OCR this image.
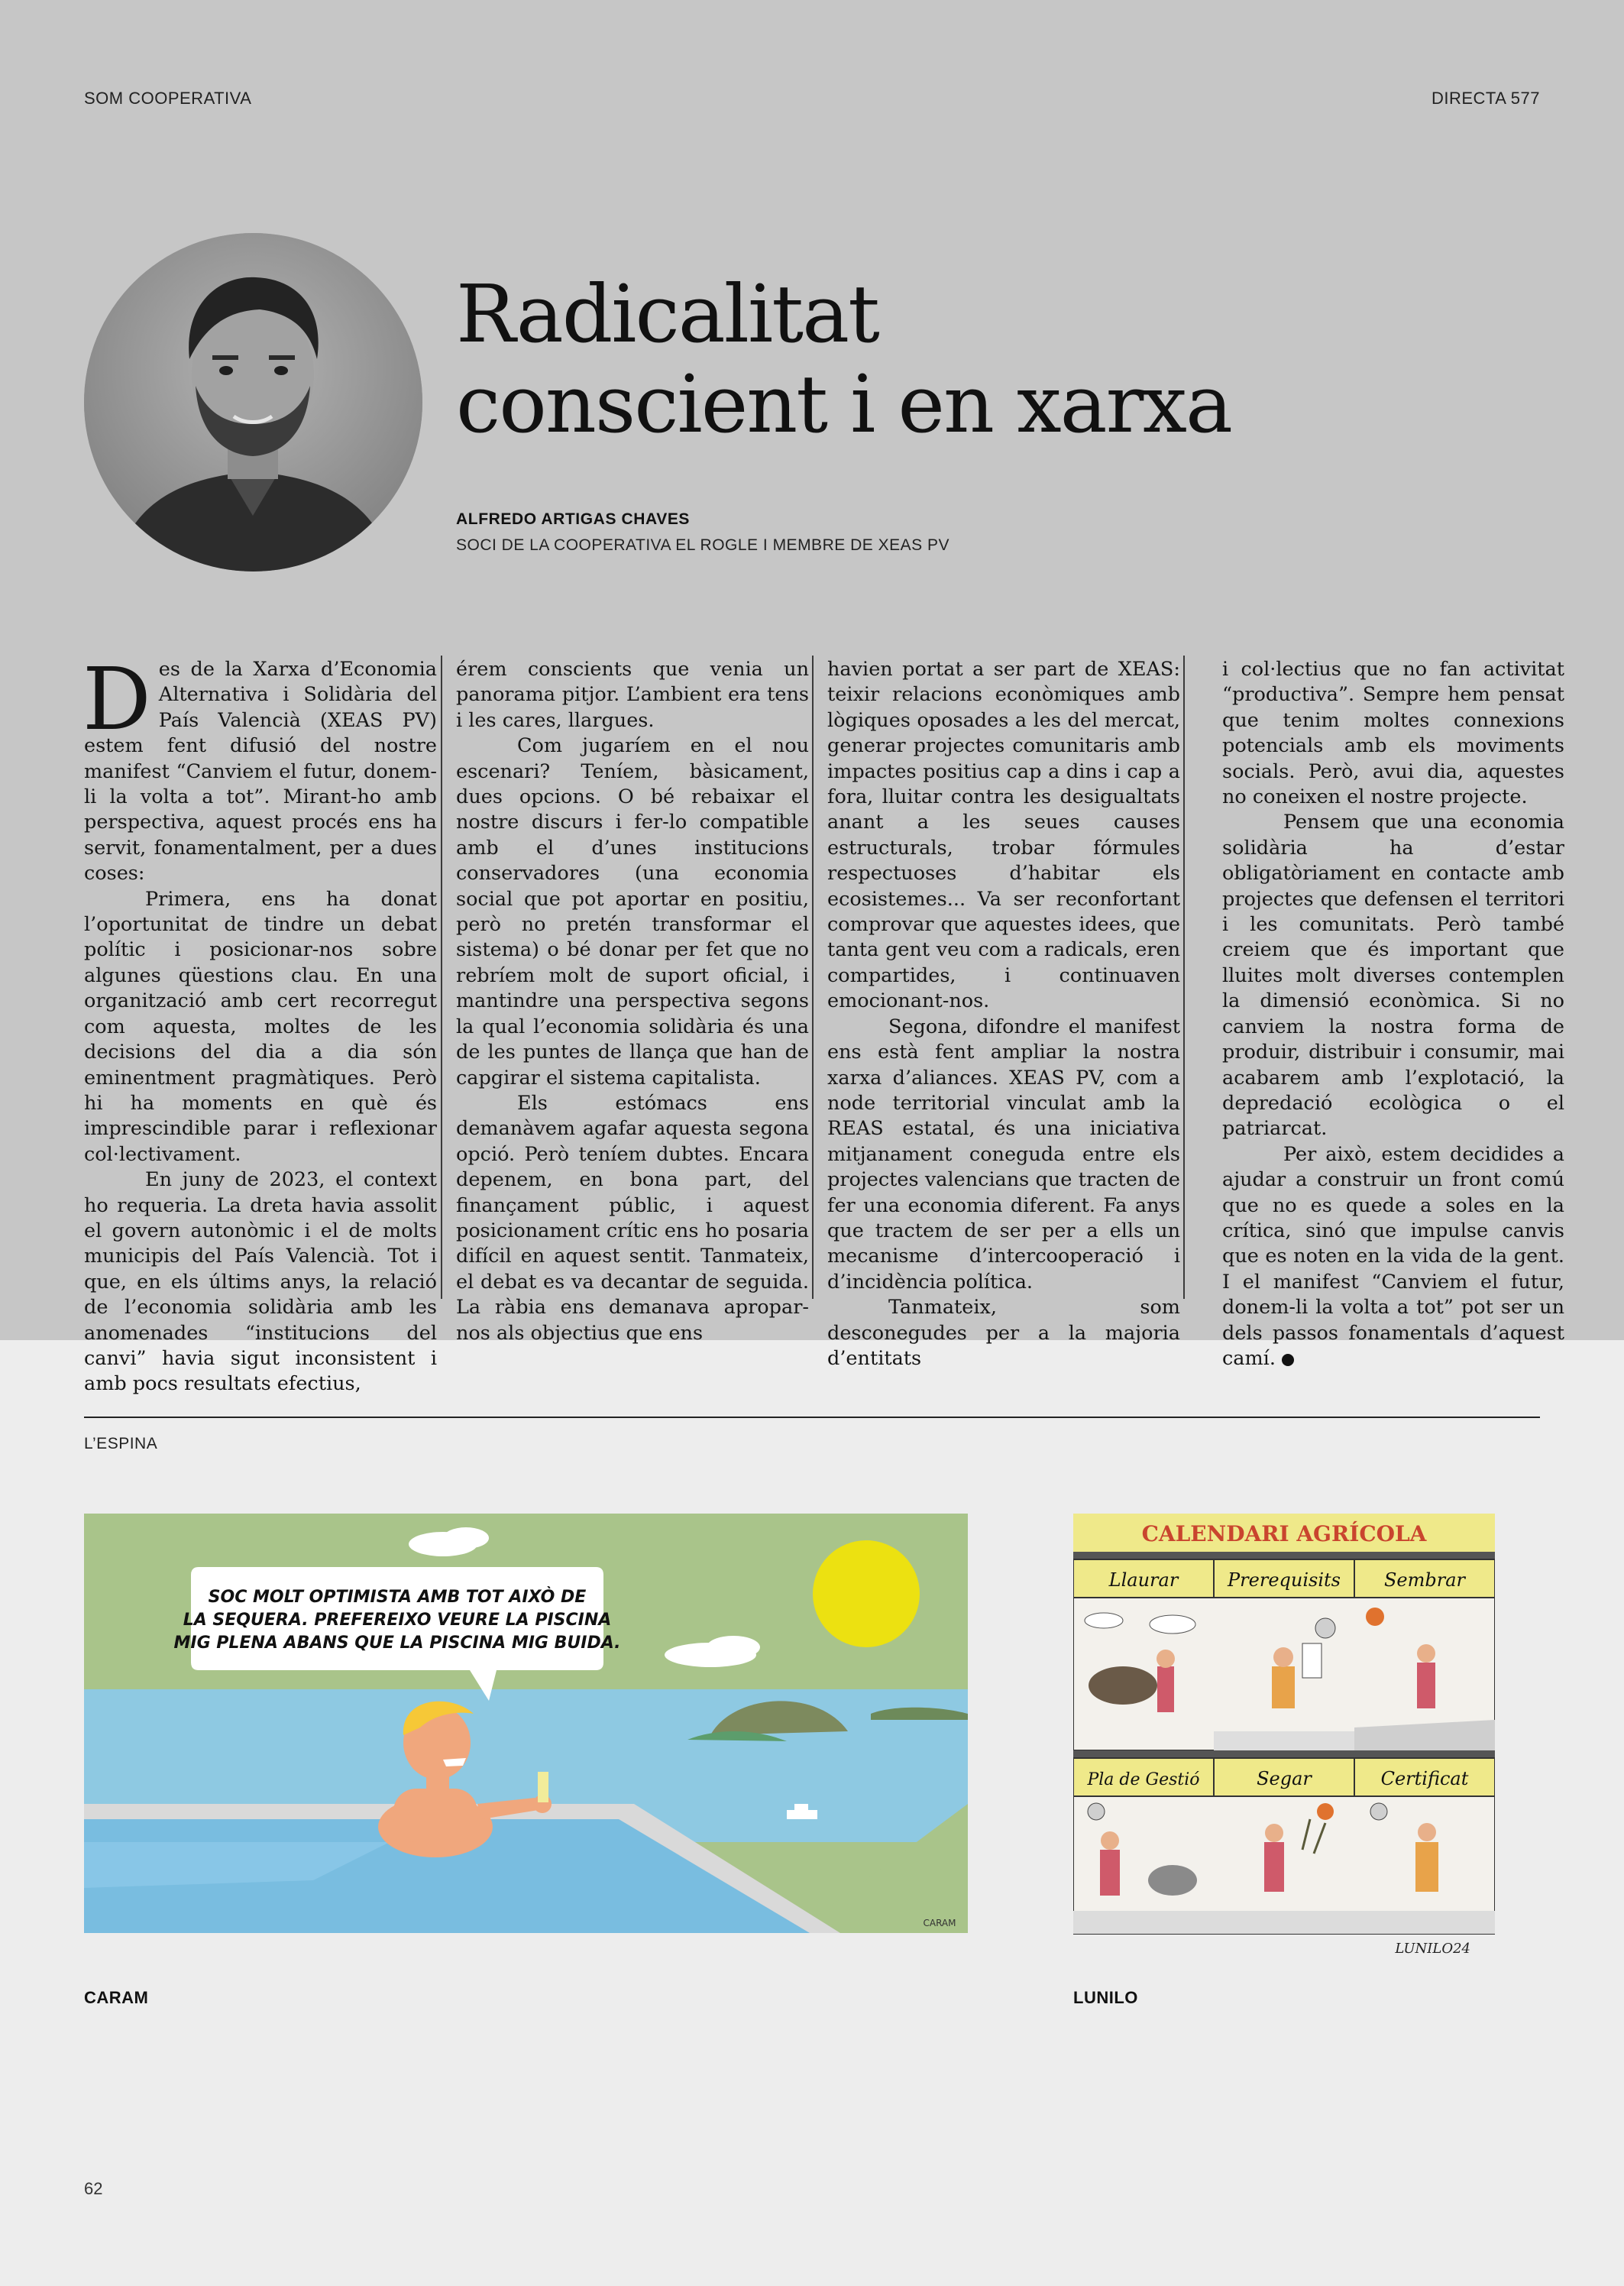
SOM COOPERATIVA	DIRECTA 577
Radicalitat
conscient i en xarxa
ALFREDO ARTIGAS CHAVES
SOCI DE LA COOPERATIVA EL ROGLE I MEMBRE DE XEAS PV

Des de la Xarxa d’Economia Alternativa i Solidària del País Valencià (XEAS PV) estem fent difusió del nostre manifest “Canviem el futur, donem-li la volta a tot”. Mirant-ho amb perspectiva, aquest procés ens ha servit, fonamentalment, per a dues coses:

Primera, ens ha donat l’oportunitat de tindre un debat polític i posicionar-nos sobre algunes qüestions clau. En una organització amb cert recorregut com aquesta, moltes de les decisions del dia a dia són eminentment pragmàtiques. Però hi ha moments en què és imprescindible parar i reflexionar col·lectivament.

En juny de 2023, el context ho requeria. La dreta havia assolit el govern autonòmic i el de molts municipis del País Valencià. Tot i que, en els últims anys, la relació de l’economia solidària amb les anomenades “institucions del canvi” havia sigut inconsistent i amb pocs resultats efectius,

érem conscients que venia un panorama pitjor. L’ambient era tens i les cares, llargues.

Com jugaríem en el nou escenari? Teníem, bàsicament, dues opcions. O bé rebaixar el nostre discurs i fer-lo compatible amb el d’unes institucions conservadores (una economia social que pot aportar en positiu, però no pretén transformar el sistema) o bé donar per fet que no rebríem molt de suport oficial, i mantindre una perspectiva segons la qual l’economia solidària és una de les puntes de llança que han de capgirar el sistema capitalista.

Els estómacs ens demanàvem agafar aquesta segona opció. Però teníem dubtes. Encara depenem, en bona part, del finançament públic, i aquest posicionament crític ens ho posaria difícil en aquest sentit. Tanmateix, el debat es va decantar de seguida. La ràbia ens demanava apropar-nos als objectius que ens

havien portat a ser part de XEAS: teixir relacions econòmiques amb lògiques oposades a les del mercat, generar projectes comunitaris amb impactes positius cap a dins i cap a fora, lluitar contra les desigualtats anant a les seues causes estructurals, trobar fórmules respectuoses d’habitar els ecosistemes... Va ser reconfortant comprovar que aquestes idees, que tanta gent veu com a radicals, eren compartides, i continuaven emocionant-nos.

Segona, difondre el manifest ens està fent ampliar la nostra xarxa d’aliances. XEAS PV, com a node territorial vinculat amb la REAS estatal, és una iniciativa mitjanament coneguda entre els projectes valencians que tracten de fer una economia diferent. Fa anys que tractem de ser per a ells un mecanisme d’intercooperació i d’incidència política.

Tanmateix, som desconegudes per a la majoria d’entitats

i col·lectius que no fan activitat “productiva”. Sempre hem pensat que tenim moltes connexions potencials amb els moviments socials. Però, avui dia, aquestes no coneixen el nostre projecte.

Pensem que una economia solidària ha d’estar obligatòriament en contacte amb projectes que defensen el territori i les comunitats. Però també creiem que és important que lluites molt diverses contemplen la dimensió econòmica. Si no canviem la nostra forma de produir, distribuir i consumir, mai acabarem amb l’explotació, la depredació ecològica o el patriarcat.

Per això, estem decidides a ajudar a construir un front comú que no es quede a soles en la crítica, sinó que impulse canvis que es noten en la vida de la gent. I el manifest “Canviem el futur, donem-li la volta a tot” pot ser un dels passos fonamentals d’aquest camí.

L’ESPINA
SOC MOLT OPTIMISTA AMB TOT AIXÒ DE
LA SEQUERA. PREFEREIXO VEURE LA PISCINA
MIG PLENA ABANS QUE LA PISCINA MIG BUIDA.
CARAM
CALENDARI AGRÍCOLA
Llaurar	Prerequisits Sembrar
Pla de Gestió	Segar	Certificat
LUNILO24
CARAM	LUNILO
62
